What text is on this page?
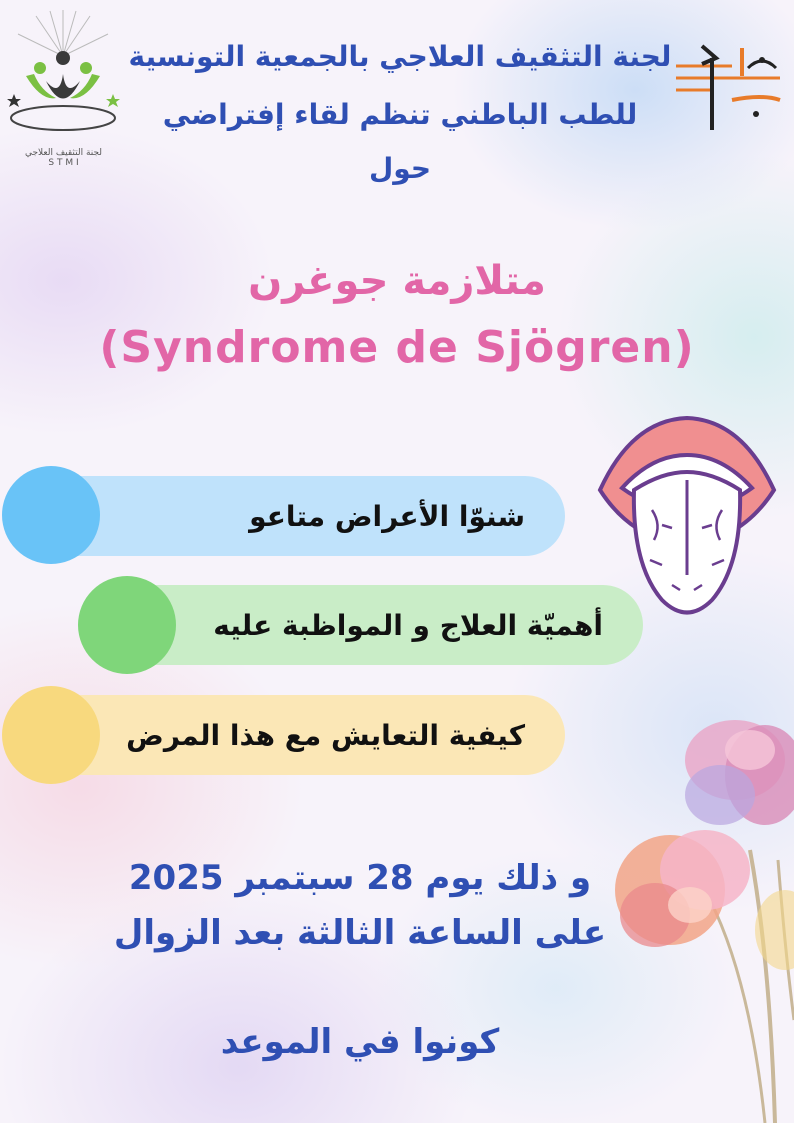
لجنة التثقيف العلاجي
S T M I
لجنة التثقيف العلاجي بالجمعية التونسية
للطب الباطني تنظم لقاء إفتراضي
حول
متلازمة جوغرن
(Syndrome de Sjögren)
شنوّا الأعراض متاعو
أهميّة العلاج و المواظبة عليه
كيفية التعايش مع هذا المرض
و ذلك يوم 28 سبتمبر 2025
على الساعة الثالثة بعد الزوال
كونوا في الموعد
